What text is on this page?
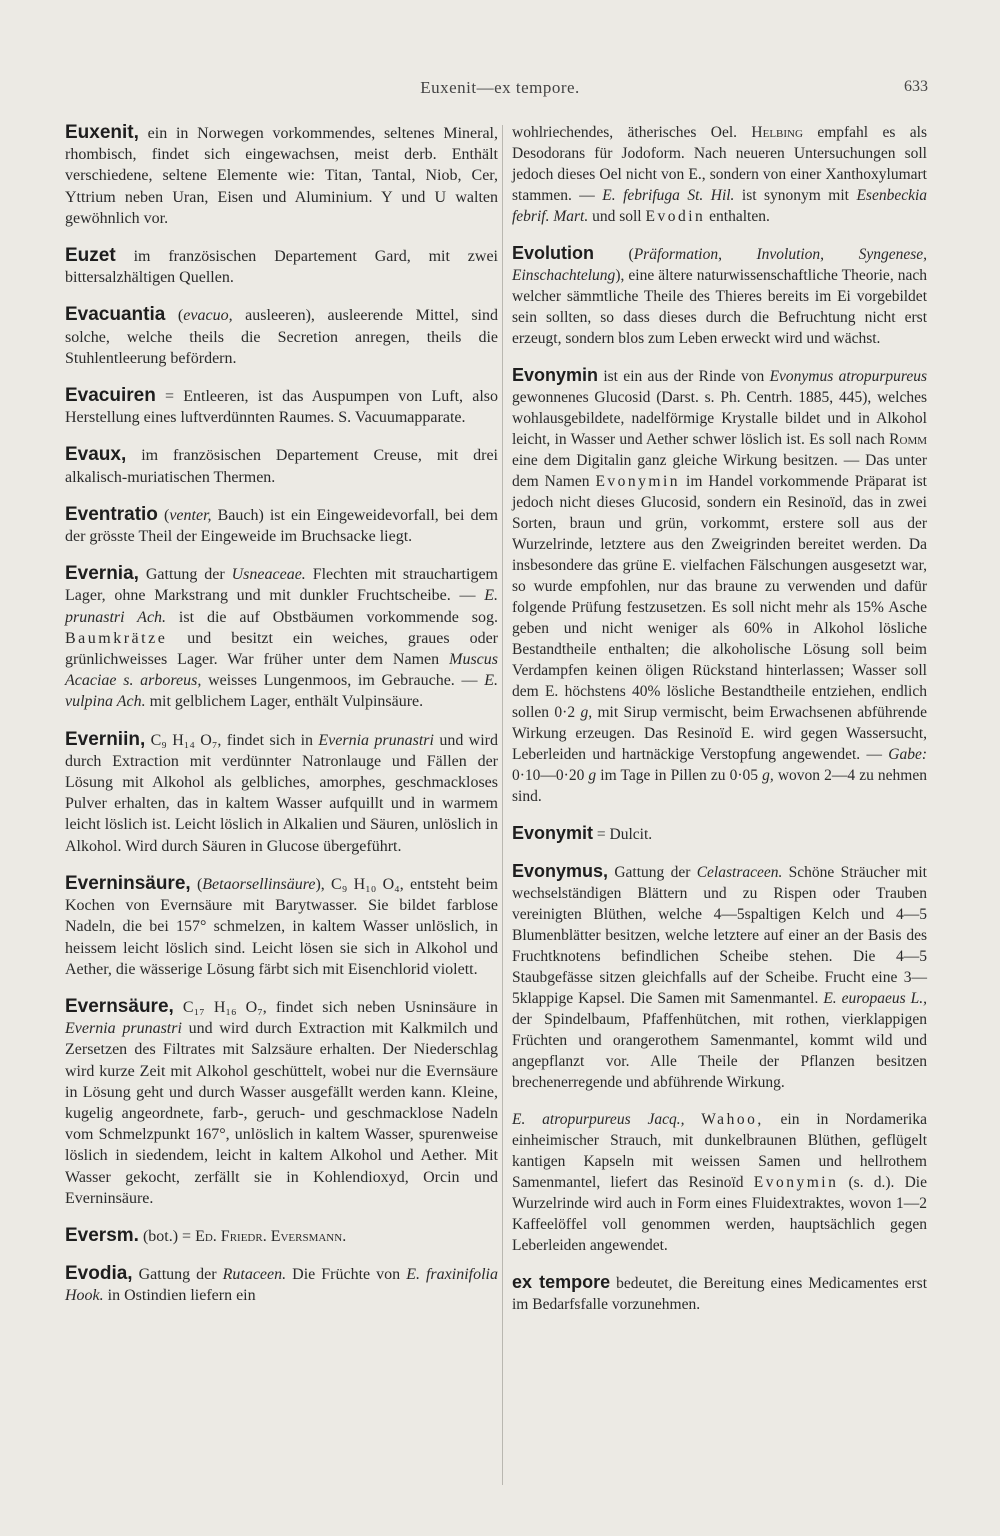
Euxenit—ex tempore.	633

Euxenit, ein in Norwegen vorkommendes, seltenes Mineral, rhombisch, findet sich eingewachsen, meist derb. Enthält verschiedene, seltene Elemente wie: Titan, Tantal, Niob, Cer, Yttrium neben Uran, Eisen und Aluminium. Y und U walten gewöhnlich vor.

Euzet im französischen Departement Gard, mit zwei bittersalzhältigen Quellen.

Evacuantia (evacuo, ausleeren), ausleerende Mittel, sind solche, welche theils die Secretion anregen, theils die Stuhlentleerung befördern.

Evacuiren = Entleeren, ist das Auspumpen von Luft, also Herstellung eines luftverdünnten Raumes. S. Vacuumapparate.

Evaux, im französischen Departement Creuse, mit drei alkalisch-muriatischen Thermen.

Eventratio (venter, Bauch) ist ein Eingeweidevorfall, bei dem der grösste Theil der Eingeweide im Bruchsacke liegt.

Evernia, Gattung der Usneaceae. Flechten mit strauchartigem Lager, ohne Markstrang und mit dunkler Fruchtscheibe. — E. prunastri Ach. ist die auf Obstbäumen vorkommende sog. Baumkrätze und besitzt ein weiches, graues oder grünlichweisses Lager. War früher unter dem Namen Muscus Acaciae s. arboreus, weisses Lungenmoos, im Gebrauche. — E. vulpina Ach. mit gelblichem Lager, enthält Vulpinsäure.

Everniin, C₉ H₁₄ O₇, findet sich in Evernia prunastri und wird durch Extraction mit verdünnter Natronlauge und Fällen der Lösung mit Alkohol als gelbliches, amorphes, geschmackloses Pulver erhalten, das in kaltem Wasser aufquillt und in warmem leicht löslich ist. Leicht löslich in Alkalien und Säuren, unlöslich in Alkohol. Wird durch Säuren in Glucose übergeführt.

Everninsäure, (Betaorsellinsäure), C₉ H₁₀ O₄, entsteht beim Kochen von Evernsäure mit Barytwasser. Sie bildet farblose Nadeln, die bei 157° schmelzen, in kaltem Wasser unlöslich, in heissem leicht löslich sind. Leicht lösen sie sich in Alkohol und Aether, die wässerige Lösung färbt sich mit Eisenchlorid violett.

Evernsäure, C₁₇ H₁₆ O₇, findet sich neben Usninsäure in Evernia prunastri und wird durch Extraction mit Kalkmilch und Zersetzen des Filtrates mit Salzsäure erhalten. Der Niederschlag wird kurze Zeit mit Alkohol geschüttelt, wobei nur die Evernsäure in Lösung geht und durch Wasser ausgefällt werden kann. Kleine, kugelig angeordnete, farb-, geruch- und geschmacklose Nadeln vom Schmelzpunkt 167°, unlöslich in kaltem Wasser, spurenweise löslich in siedendem, leicht in kaltem Alkohol und Aether. Mit Wasser gekocht, zerfällt sie in Kohlendioxyd, Orcin und Everninsäure.

Eversm. (bot.) = Ed. Friedr. Eversmann.

Evodia, Gattung der Rutaceen. Die Früchte von E. fraxinifolia Hook. in Ostindien liefern ein

wohlriechendes, ätherisches Oel. Helbing empfahl es als Desodorans für Jodoform. Nach neueren Untersuchungen soll jedoch dieses Oel nicht von E., sondern von einer Xanthoxylumart stammen. — E. febrifuga St. Hil. ist synonym mit Esenbeckia febrif. Mart. und soll Evodin enthalten.

Evolution (Präformation, Involution, Syngenese, Einschachtelung), eine ältere naturwissenschaftliche Theorie, nach welcher sämmtliche Theile des Thieres bereits im Ei vorgebildet sein sollten, so dass dieses durch die Befruchtung nicht erst erzeugt, sondern blos zum Leben erweckt wird und wächst.

Evonymin ist ein aus der Rinde von Evonymus atropurpureus gewonnenes Glucosid (Darst. s. Ph. Centrh. 1885, 445), welches wohlausgebildete, nadelförmige Krystalle bildet und in Alkohol leicht, in Wasser und Aether schwer löslich ist. Es soll nach Romm eine dem Digitalin ganz gleiche Wirkung besitzen. — Das unter dem Namen Evonymin im Handel vorkommende Präparat ist jedoch nicht dieses Glucosid, sondern ein Resinoïd, das in zwei Sorten, braun und grün, vorkommt, erstere soll aus der Wurzelrinde, letztere aus den Zweigrinden bereitet werden. Da insbesondere das grüne E. vielfachen Fälschungen ausgesetzt war, so wurde empfohlen, nur das braune zu verwenden und dafür folgende Prüfung festzusetzen. Es soll nicht mehr als 15% Asche geben und nicht weniger als 60% in Alkohol lösliche Bestandtheile enthalten; die alkoholische Lösung soll beim Verdampfen keinen öligen Rückstand hinterlassen; Wasser soll dem E. höchstens 40% lösliche Bestandtheile entziehen, endlich sollen 0·2 g, mit Sirup vermischt, beim Erwachsenen abführende Wirkung erzeugen. Das Resinoïd E. wird gegen Wassersucht, Leberleiden und hartnäckige Verstopfung angewendet. — Gabe: 0·10—0·20 g im Tage in Pillen zu 0·05 g, wovon 2—4 zu nehmen sind.

Evonymit = Dulcit.

Evonymus, Gattung der Celastraceen. Schöne Sträucher mit wechselständigen Blättern und zu Rispen oder Trauben vereinigten Blüthen, welche 4—5spaltigen Kelch und 4—5 Blumenblätter besitzen, welche letztere auf einer an der Basis des Fruchtknotens befindlichen Scheibe stehen. Die 4—5 Staubgefässe sitzen gleichfalls auf der Scheibe. Frucht eine 3—5klappige Kapsel. Die Samen mit Samenmantel. E. europaeus L., der Spindelbaum, Pfaffenhütchen, mit rothen, vierklappigen Früchten und orangerothem Samenmantel, kommt wild und angepflanzt vor. Alle Theile der Pflanzen besitzen brechenerregende und abführende Wirkung.

E. atropurpureus Jacq., Wahoo, ein in Nordamerika einheimischer Strauch, mit dunkelbraunen Blüthen, geflügelt kantigen Kapseln mit weissen Samen und hellrothem Samenmantel, liefert das Resinoïd Evonymin (s. d.). Die Wurzelrinde wird auch in Form eines Fluidextraktes, wovon 1—2 Kaffeelöffel voll genommen werden, hauptsächlich gegen Leberleiden angewendet.

ex tempore bedeutet, die Bereitung eines Medicamentes erst im Bedarfsfalle vorzunehmen.
